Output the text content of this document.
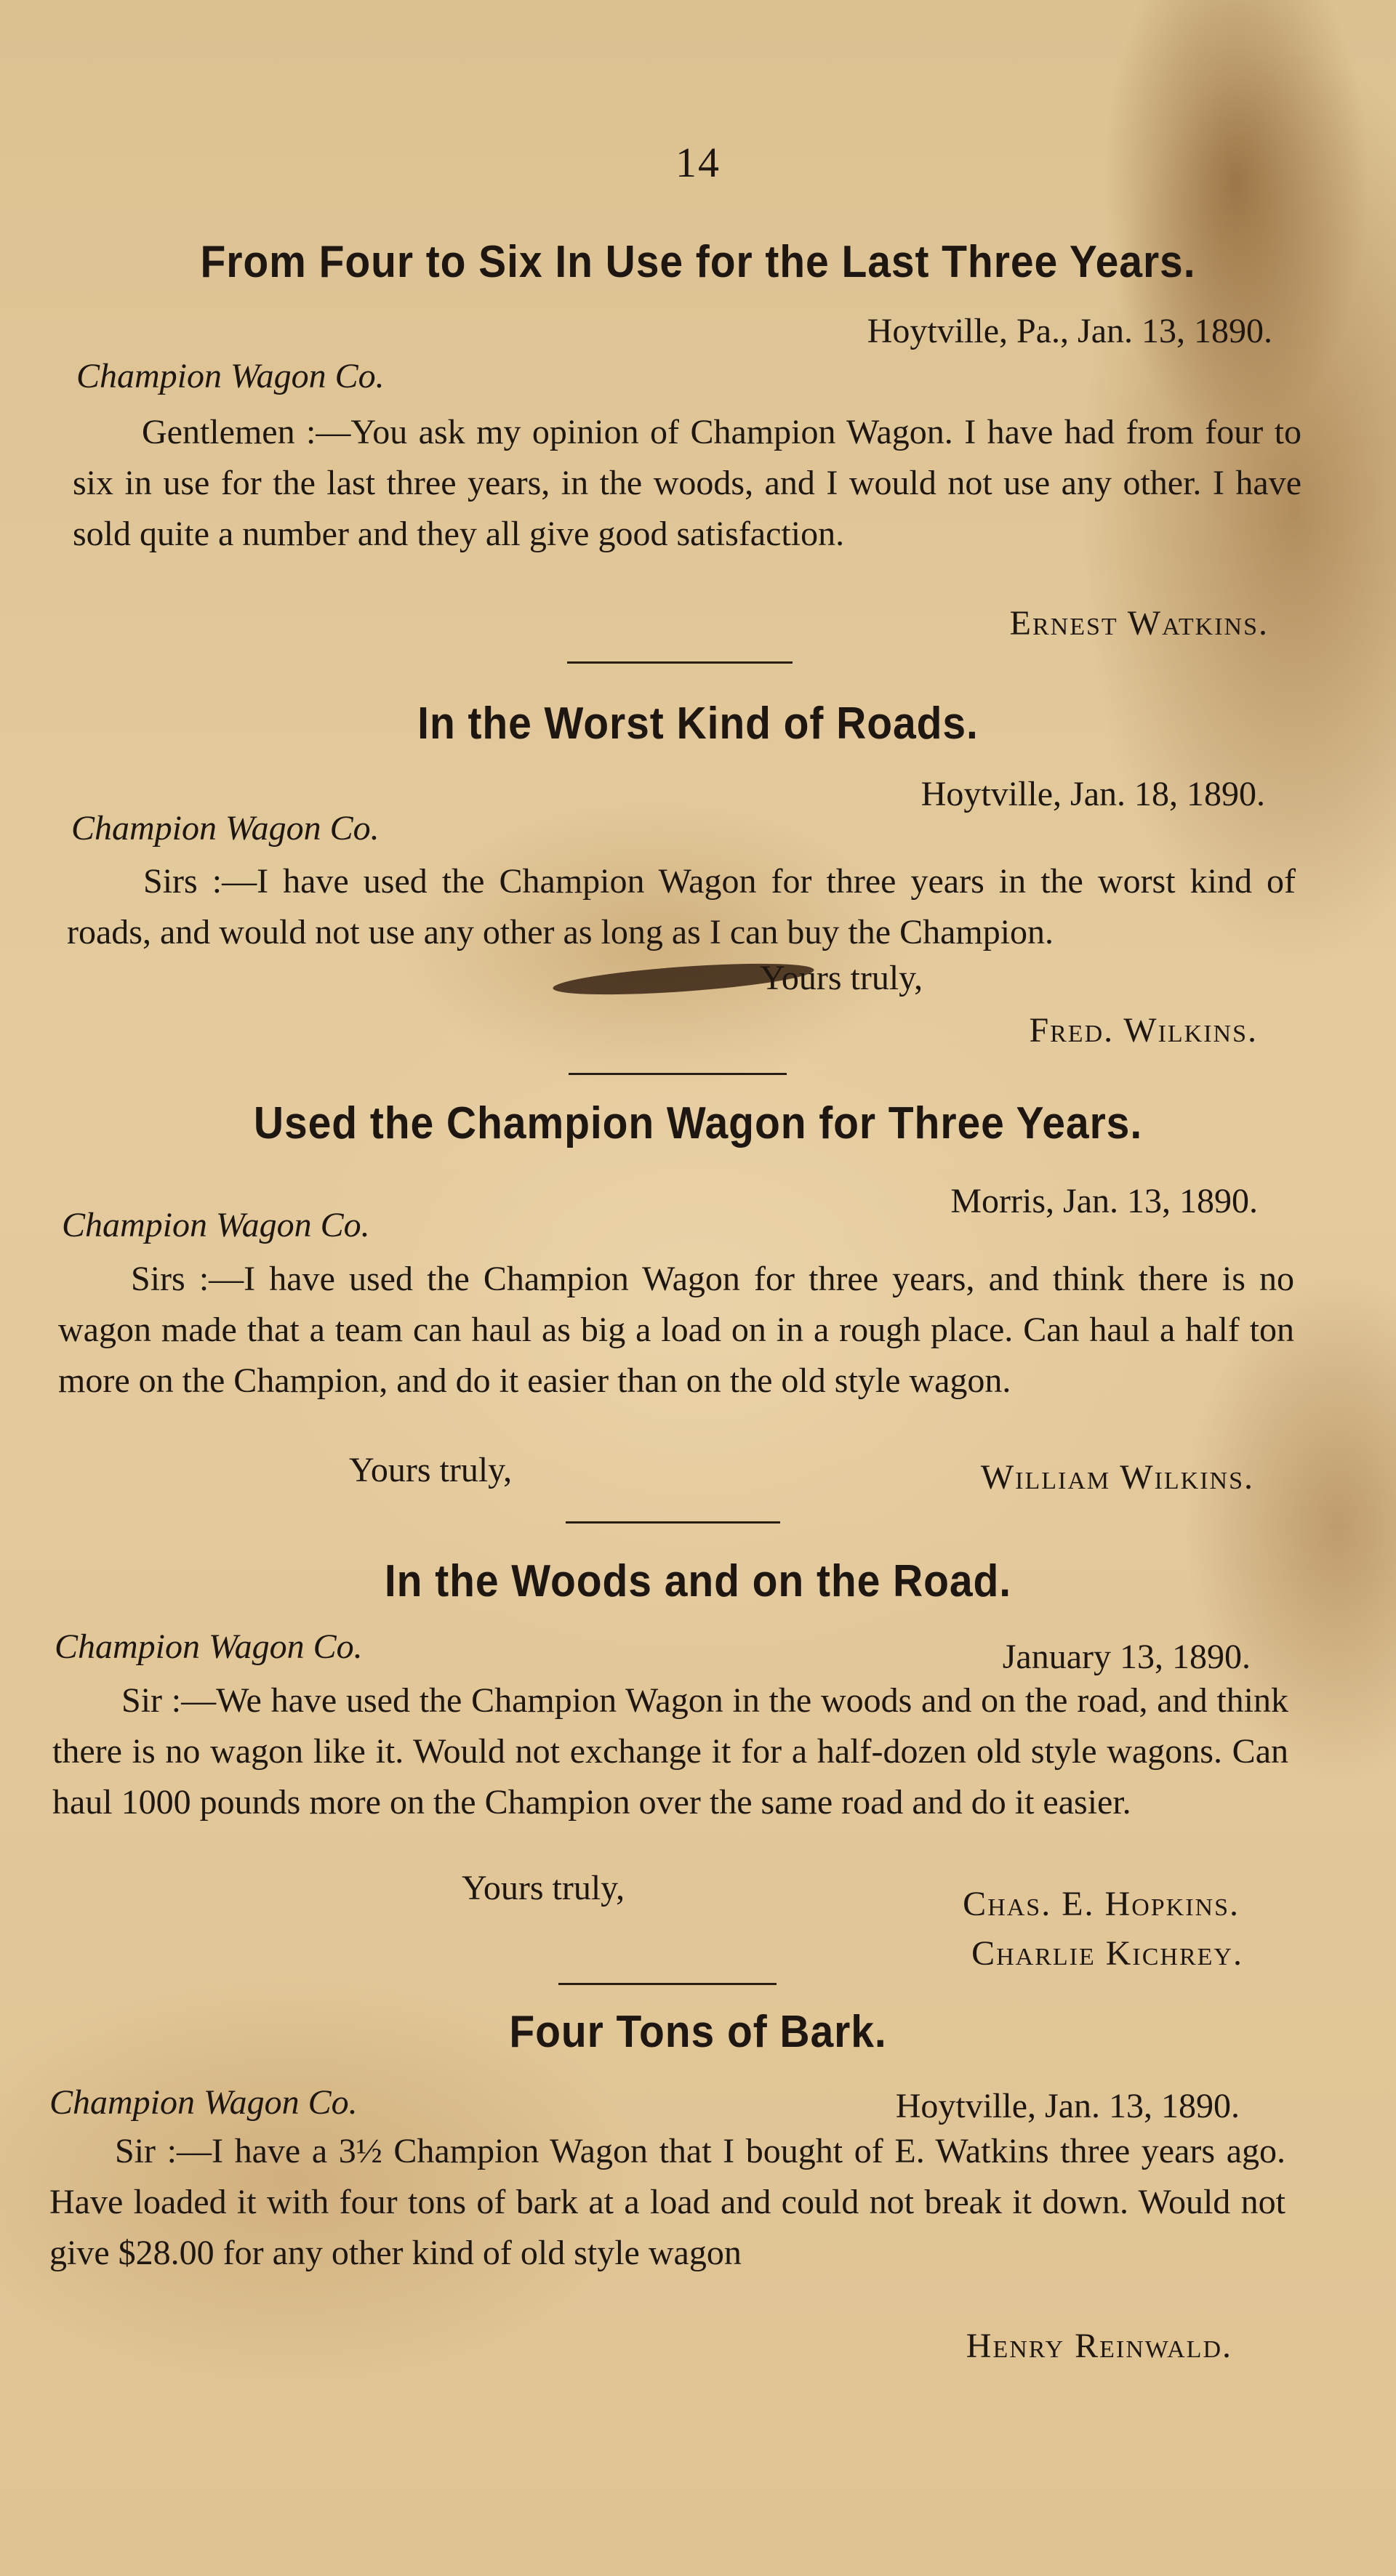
14
From Four to Six In Use for the Last Three Years.
Hoytville, Pa., Jan. 13, 1890.
Champion Wagon Co.
Gentlemen :—You ask my opinion of Champion Wagon. I have had from four to six in use for the last three years, in the woods, and I would not use any other. I have sold quite a number and they all give good satisfaction.
Ernest Watkins.
In the Worst Kind of Roads.
Hoytville, Jan. 18, 1890.
Champion Wagon Co.
Sirs :—I have used the Champion Wagon for three years in the worst kind of roads, and would not use any other as long as I can buy the Champion.
Yours truly,
Fred. Wilkins.
Used the Champion Wagon for Three Years.
Morris, Jan. 13, 1890.
Champion Wagon Co.
Sirs :—I have used the Champion Wagon for three years, and think there is no wagon made that a team can haul as big a load on in a rough place. Can haul a half ton more on the Champion, and do it easier than on the old style wagon.
Yours truly,	William Wilkins.
In the Woods and on the Road.
Champion Wagon Co.	January 13, 1890.
Sir :—We have used the Champion Wagon in the woods and on the road, and think there is no wagon like it. Would not exchange it for a half-dozen old style wagons. Can haul 1000 pounds more on the Champion over the same road and do it easier.
Yours truly,	Chas. E. Hopkins.
Charlie Kichrey.
Four Tons of Bark.
Champion Wagon Co.	Hoytville, Jan. 13, 1890.
Sir :—I have a 3½ Champion Wagon that I bought of E. Watkins three years ago. Have loaded it with four tons of bark at a load and could not break it down. Would not give $28.00 for any other kind of old style wagon
Henry Reinwald.
